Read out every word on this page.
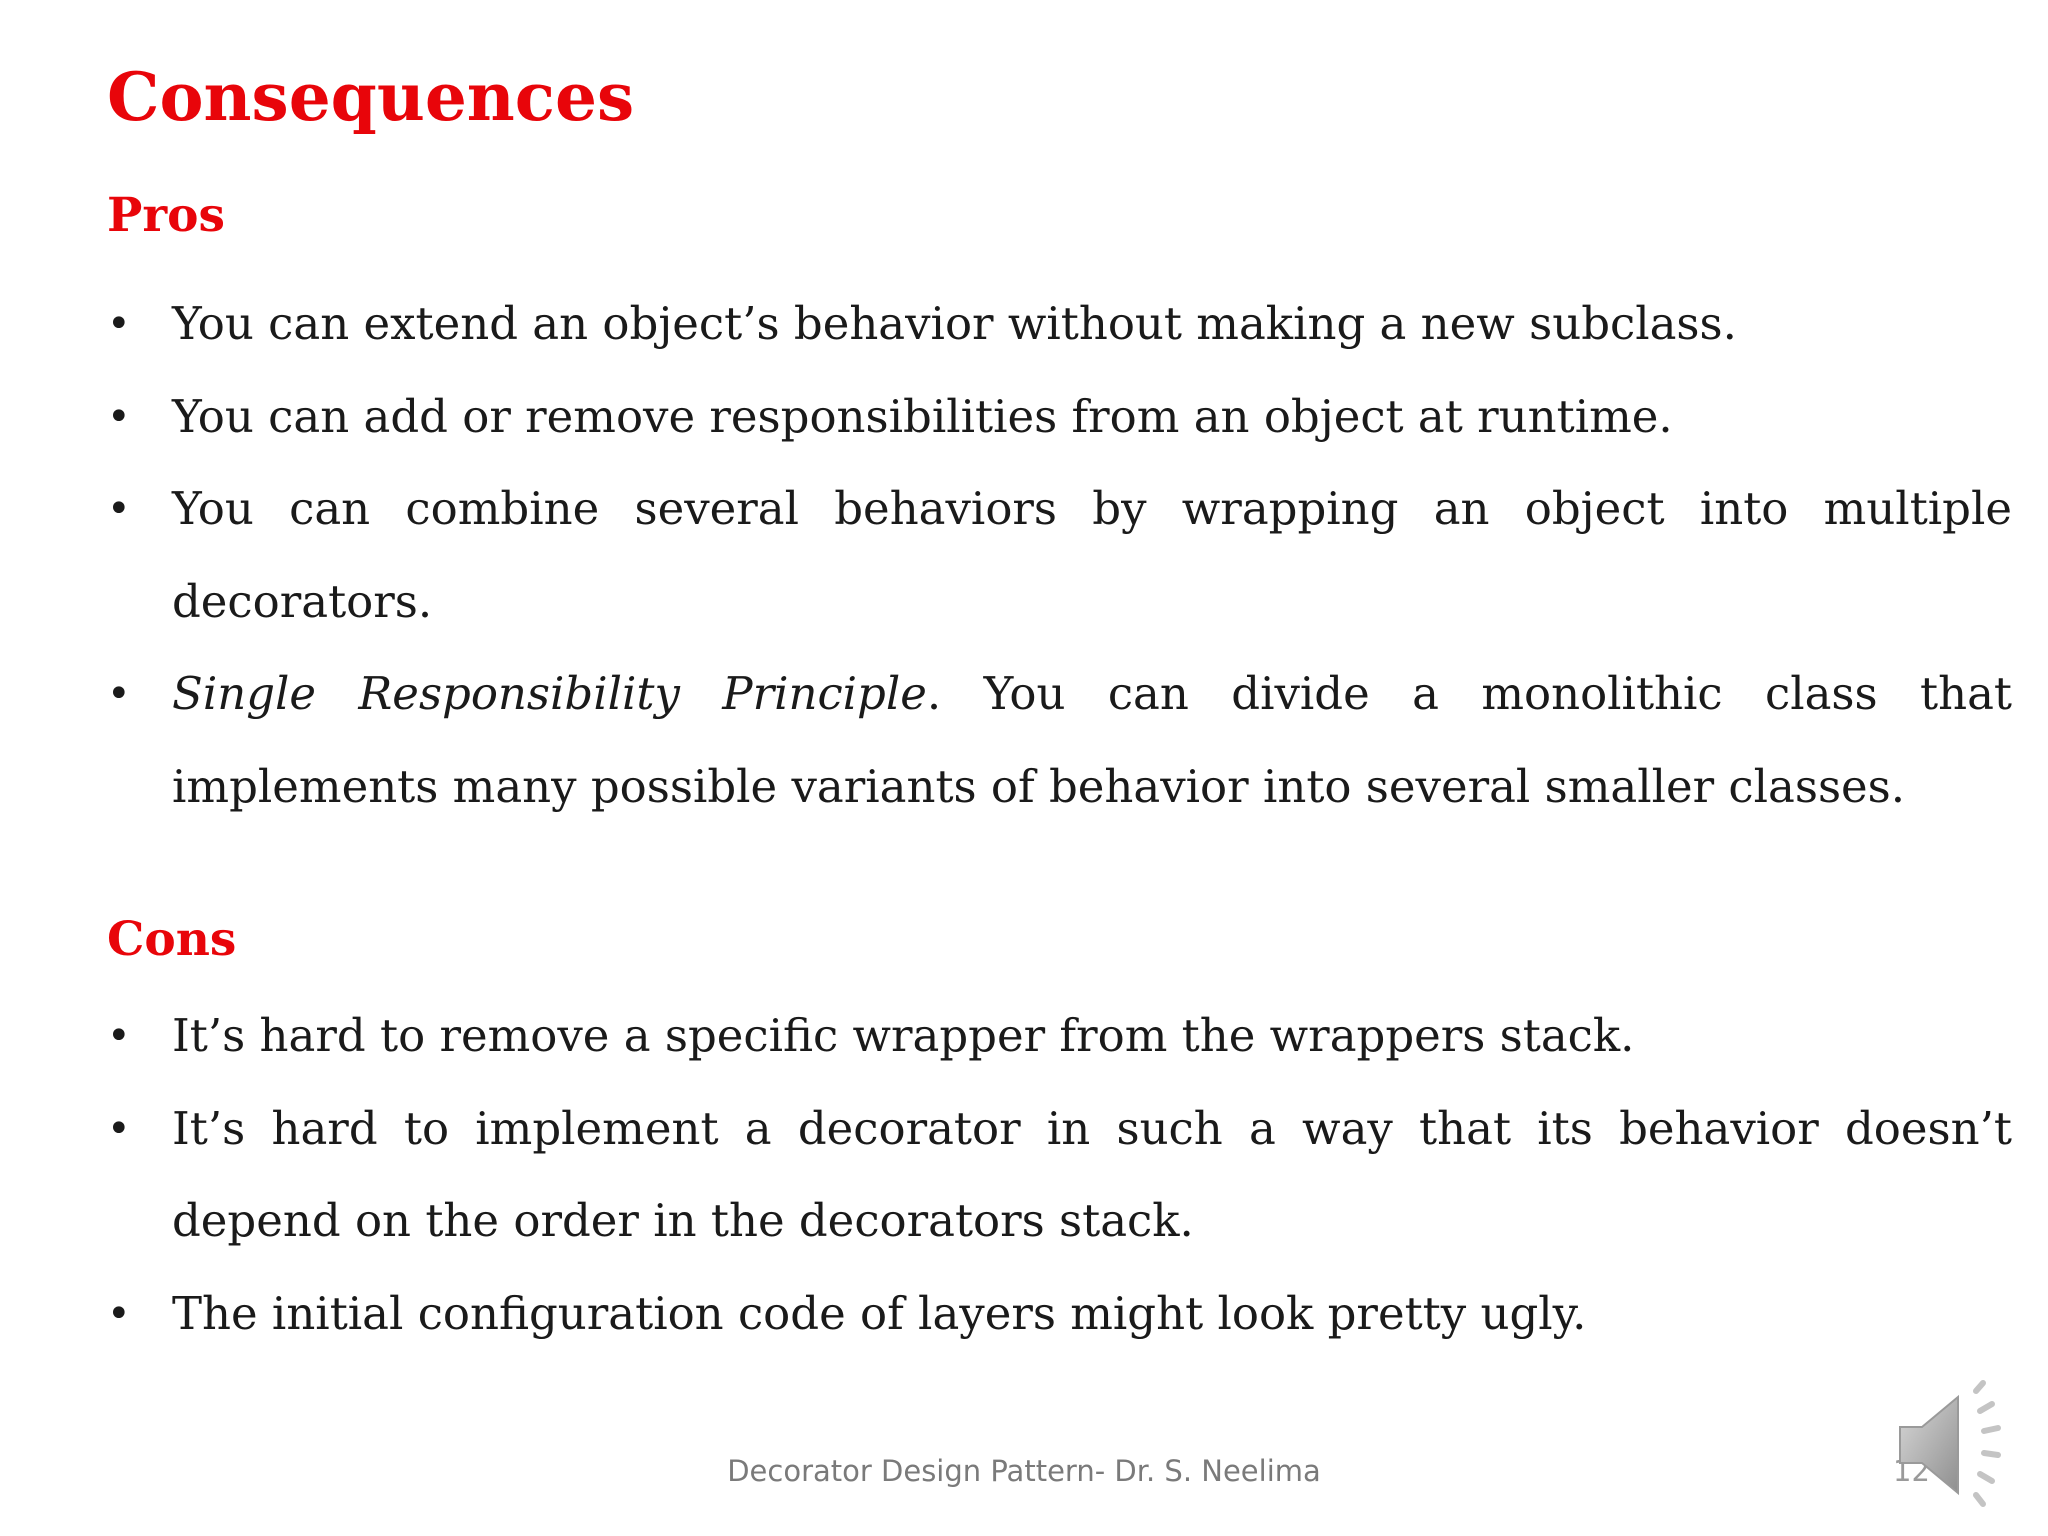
Consequences
Pros
• You can extend an object’s behavior without making a new subclass.
• You can add or remove responsibilities from an object at runtime.
• You can combine several behaviors by wrapping an object into multiple decorators.
• Single Responsibility Principle. You can divide a monolithic class that implements many possible variants of behavior into several smaller classes.
Cons
• It’s hard to remove a specific wrapper from the wrappers stack.
• It’s hard to implement a decorator in such a way that its behavior doesn’t depend on the order in the decorators stack.
• The initial configuration code of layers might look pretty ugly.
Decorator Design Pattern- Dr. S. Neelima	12
